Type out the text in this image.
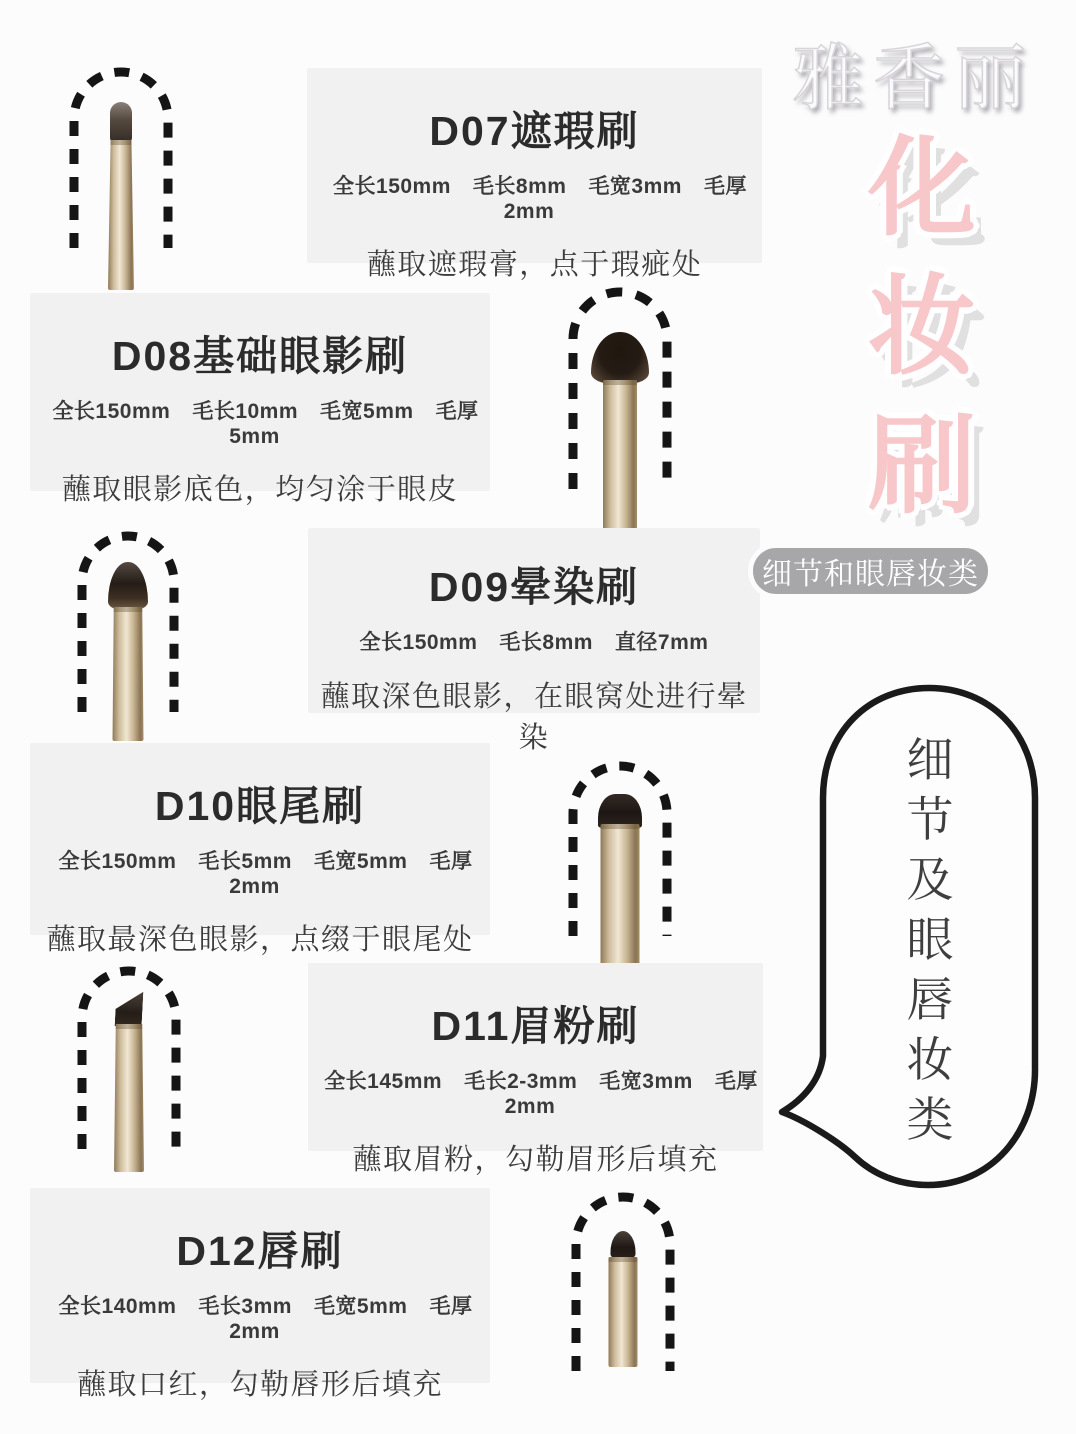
雅香丽
化
妆
刷
D07遮瑕刷
全长150mm 毛长8mm 毛宽3mm 毛厚2mm
蘸取遮瑕膏，点于瑕疵处
D08基础眼影刷
全长150mm 毛长10mm 毛宽5mm 毛厚5mm
蘸取眼影底色，均匀涂于眼皮
D09晕染刷
全长150mm 毛长8mm 直径7mm
蘸取深色眼影，在眼窝处进行晕染
D10眼尾刷
全长150mm 毛长5mm 毛宽5mm 毛厚2mm
蘸取最深色眼影，点缀于眼尾处
D11眉粉刷
全长145mm 毛长2-3mm 毛宽3mm 毛厚2mm
蘸取眉粉，勾勒眉形后填充
D12唇刷
全长140mm 毛长3mm 毛宽5mm 毛厚2mm
蘸取口红，勾勒唇形后填充
细节和眼唇妆类
细
节
及
眼
唇
妆
类
